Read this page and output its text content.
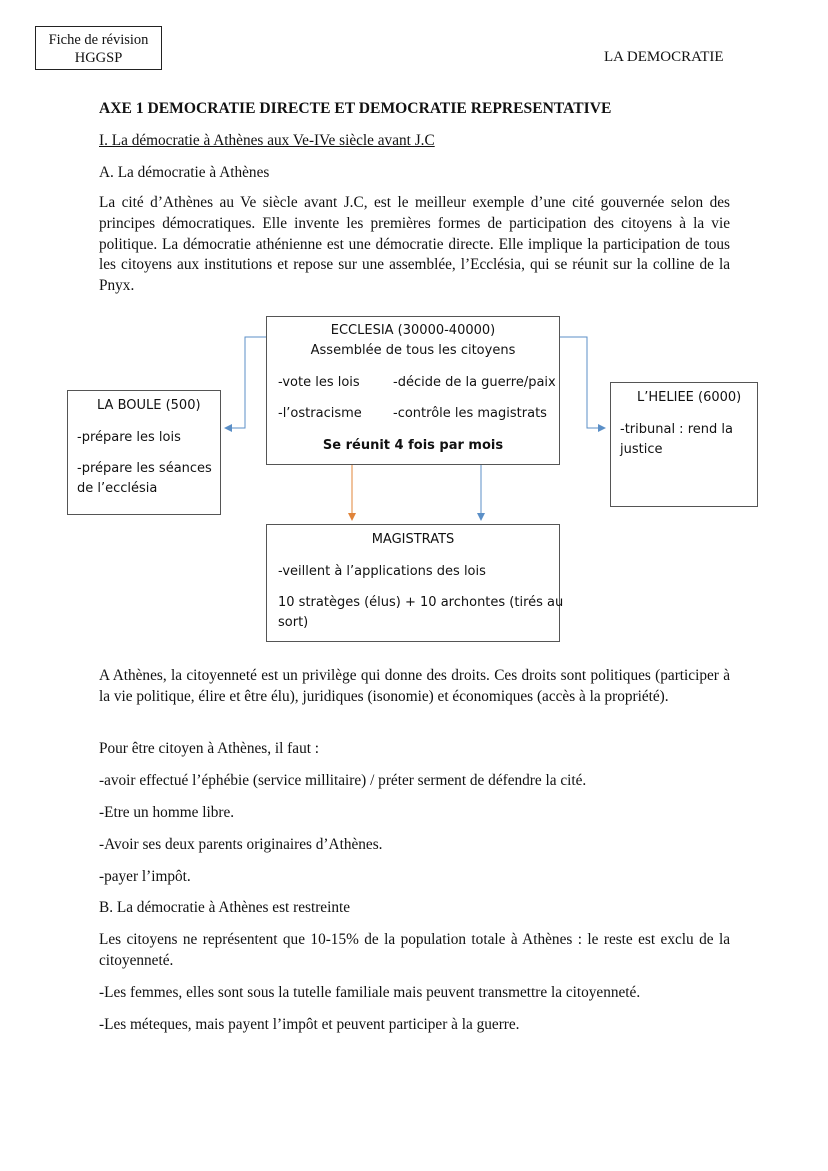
Fiche de révision
HGGSP	LA DEMOCRATIE

AXE 1 DEMOCRATIE DIRECTE ET DEMOCRATIE REPRESENTATIVE

I. La démocratie à Athènes aux Ve-IVe siècle avant J.C

A. La démocratie à Athènes

La cité d’Athènes au Ve siècle avant J.C, est le meilleur exemple d’une cité gouvernée selon des principes démocratiques. Elle invente les premières formes de participation des citoyens à la vie politique. La démocratie athénienne est une démocratie directe. Elle implique la participation de tous les citoyens aux institutions et repose sur une assemblée, l’Ecclésia, qui se réunit sur la colline de la Pnyx.

ECCLESIA (30000-40000)
Assemblée de tous les citoyens
-vote les lois	-décide de la guerre/paix
-l’ostracisme -contrôle les magistrats
Se réunit 4 fois par mois
LA BOULE (500)
-prépare les lois
-prépare les séances
de l’ecclésia
L’HELIEE (6000)
-tribunal : rend la
justice
MAGISTRATS
-veillent à l’applications des lois
10 stratèges (élus) + 10 archontes (tirés au
sort)

A Athènes, la citoyenneté est un privilège qui donne des droits. Ces droits sont politiques (participer à la vie politique, élire et être élu), juridiques (isonomie) et économiques (accès à la propriété).

Pour être citoyen à Athènes, il faut :

-avoir effectué l’éphébie (service millitaire) / préter serment de défendre la cité.

-Etre un homme libre.

-Avoir ses deux parents originaires d’Athènes.

-payer l’impôt.

B. La démocratie à Athènes est restreinte

Les citoyens ne représentent que 10-15% de la population totale à Athènes : le reste est exclu de la citoyenneté.

-Les femmes, elles sont sous la tutelle familiale mais peuvent transmettre la citoyenneté.

-Les méteques, mais payent l’impôt et peuvent participer à la guerre.
